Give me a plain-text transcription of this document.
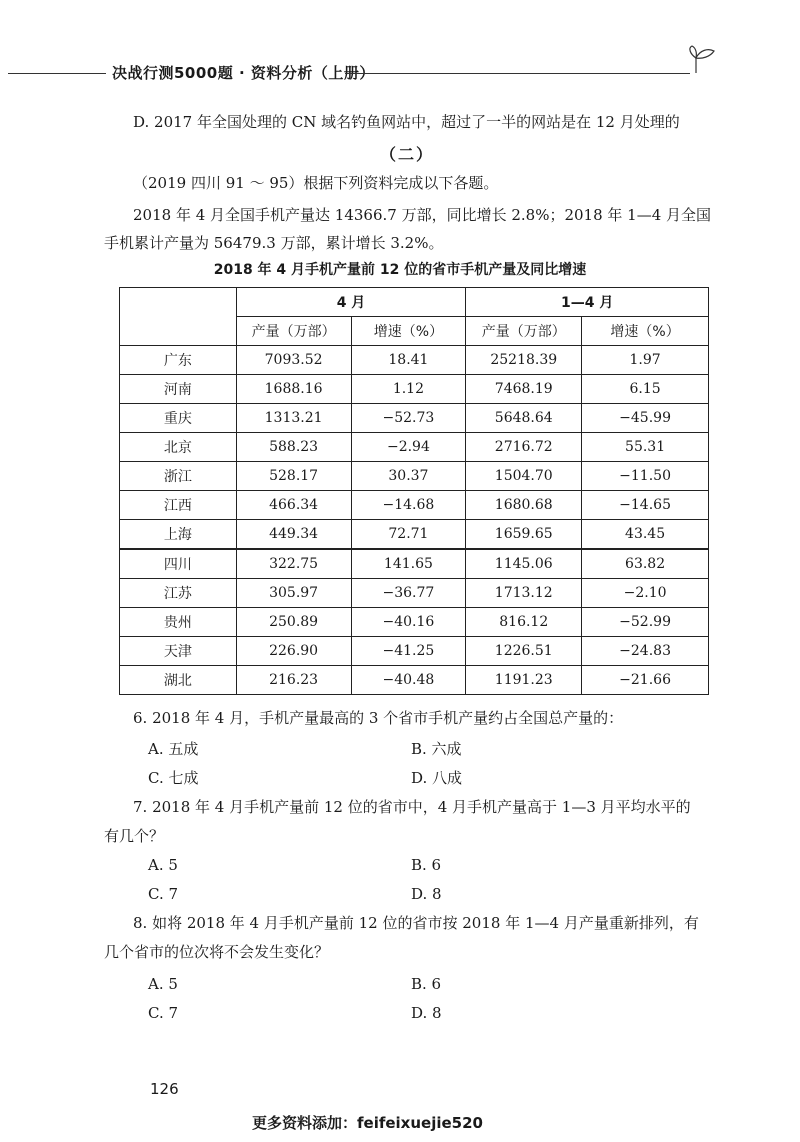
决战行测5000题 · 资料分析（上册）
D. 2017 年全国处理的 CN 域名钓鱼网站中，超过了一半的网站是在 12 月处理的
（二）
（2019 四川 91 ～ 95）根据下列资料完成以下各题。
2018 年 4 月全国手机产量达 14366.7 万部，同比增长 2.8%；2018 年 1—4 月全国
手机累计产量为 56479.3 万部，累计增长 3.2%。
2018 年 4 月手机产量前 12 位的省市手机产量及同比增速
	4 月		1—4 月	
	产量（万部）	增速（%）	产量（万部）	增速（%）
广东	7093.52	18.41	25218.39	1.97
河南	1688.16	1.12	7468.19	6.15
重庆	1313.21	−52.73	5648.64	−45.99
北京	588.23	−2.94	2716.72	55.31
浙江	528.17	30.37	1504.70	−11.50
江西	466.34	−14.68	1680.68	−14.65
上海	449.34	72.71	1659.65	43.45
四川	322.75	141.65	1145.06	63.82
江苏	305.97	−36.77	1713.12	−2.10
贵州	250.89	−40.16	816.12	−52.99
天津	226.90	−41.25	1226.51	−24.83
湖北	216.23	−40.48	1191.23	−21.66
6. 2018 年 4 月，手机产量最高的 3 个省市手机产量约占全国总产量的：
A. 五成	B. 六成
C. 七成	D. 八成
7. 2018 年 4 月手机产量前 12 位的省市中，4 月手机产量高于 1—3 月平均水平的
有几个？
A. 5	B. 6
C. 7	D. 8
8. 如将 2018 年 4 月手机产量前 12 位的省市按 2018 年 1—4 月产量重新排列，有
几个省市的位次将不会发生变化？
A. 5	B. 6
C. 7	D. 8
126
更多资料添加：feifeixuejie520
